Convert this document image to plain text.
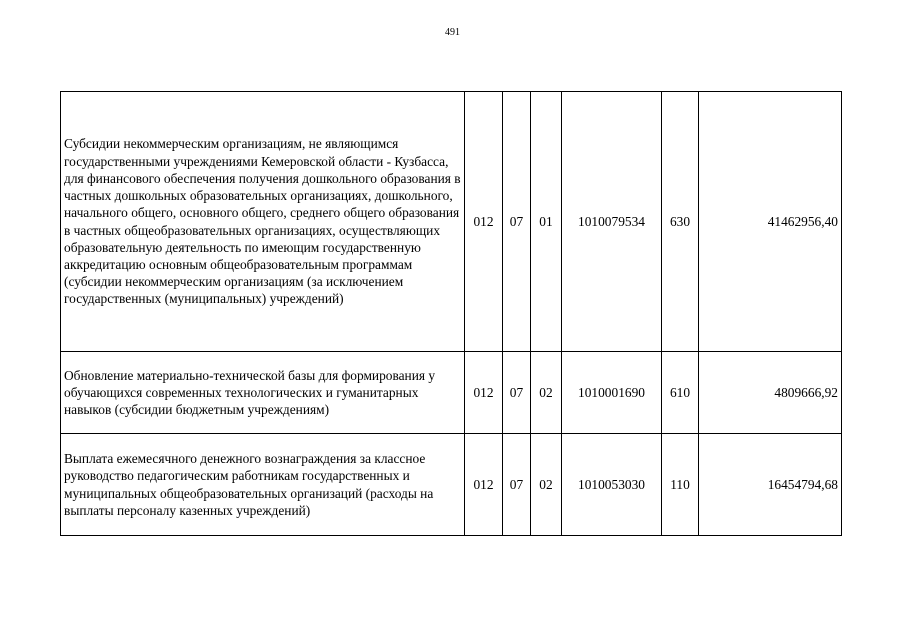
491
Субсидии некоммерческим организациям, не являющимся государственными учреждениями Кемеровской области - Кузбасса, для финансового обеспечения получения дошкольного образования в частных дошкольных образовательных организациях, дошкольного, начального общего, основного общего, среднего общего образования в частных общеобразовательных организациях, осуществляющих образовательную деятельность по имеющим государственную аккредитацию основным общеобразовательным программам (субсидии некоммерческим организациям (за исключением государственных (муниципальных) учреждений)	012	07	01	1010079534	630	41462956,40
Обновление материально-технической базы для формирования у обучающихся современных технологических и гуманитарных навыков (субсидии бюджетным учреждениям)	012	07	02	1010001690	610	4809666,92
Выплата ежемесячного денежного вознаграждения за классное руководство педагогическим работникам государственных и муниципальных общеобразовательных организаций (расходы на выплаты персоналу казенных учреждений)	012	07	02	1010053030	110	16454794,68
